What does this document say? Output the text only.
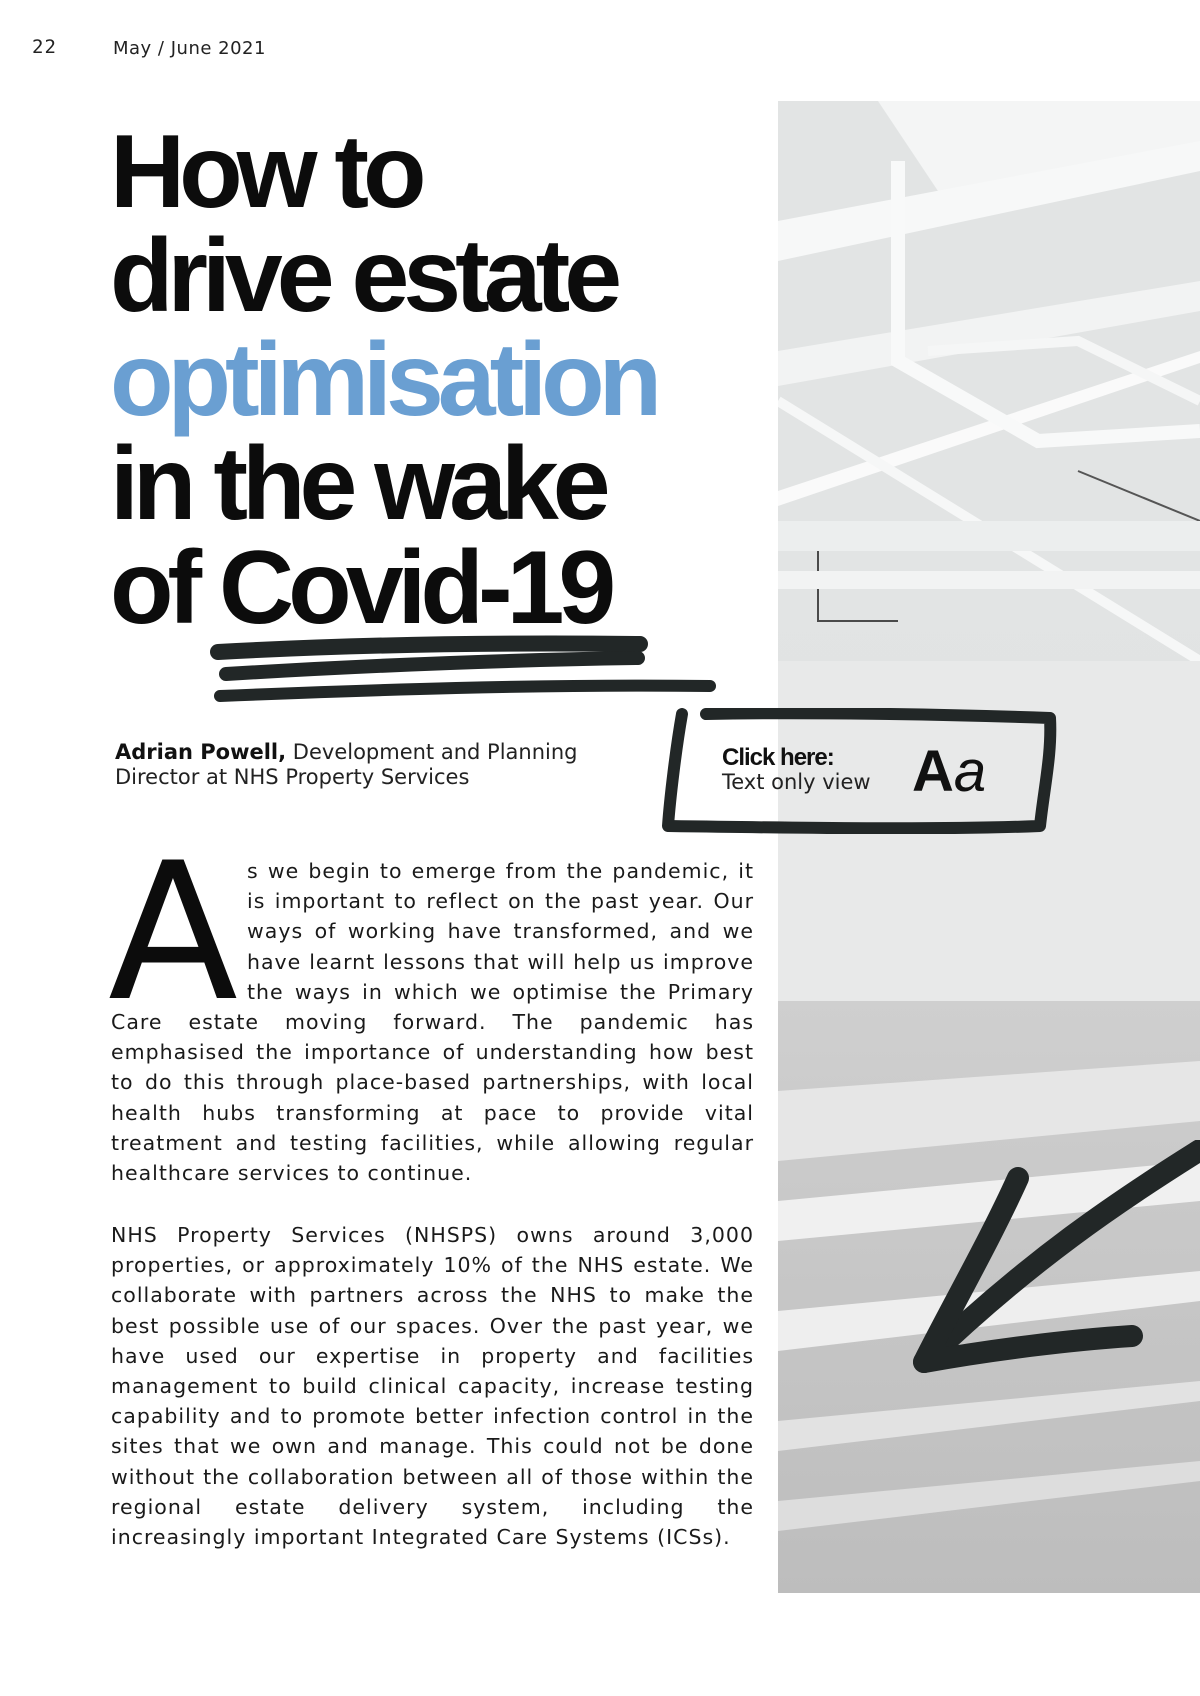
22	May / June 2021
How to
drive estate
optimisation
in the wake
of Covid-19
Adrian Powell, Development and Planning
Director at NHS Property Services
Click here:
Text only view Aa
A s we begin to emerge from the pandemic, it is important to reflect on the past year. Our ways of working have transformed, and we have learnt lessons that will help us improve the ways in which we optimise the Primary Care estate moving forward. The pandemic has emphasised the importance of understanding how best to do this through place-based partnerships, with local health hubs transforming at pace to provide vital treatment and testing facilities, while allowing regular healthcare services to continue.

NHS Property Services (NHSPS) owns around 3,000 properties, or approximately 10% of the NHS estate. We collaborate with partners across the NHS to make the best possible use of our spaces. Over the past year, we have used our expertise in property and facilities management to build clinical capacity, increase testing capability and to promote better infection control in the sites that we own and manage. This could not be done without the collaboration between all of those within the regional estate delivery system, including the increasingly important Integrated Care Systems (ICSs).
